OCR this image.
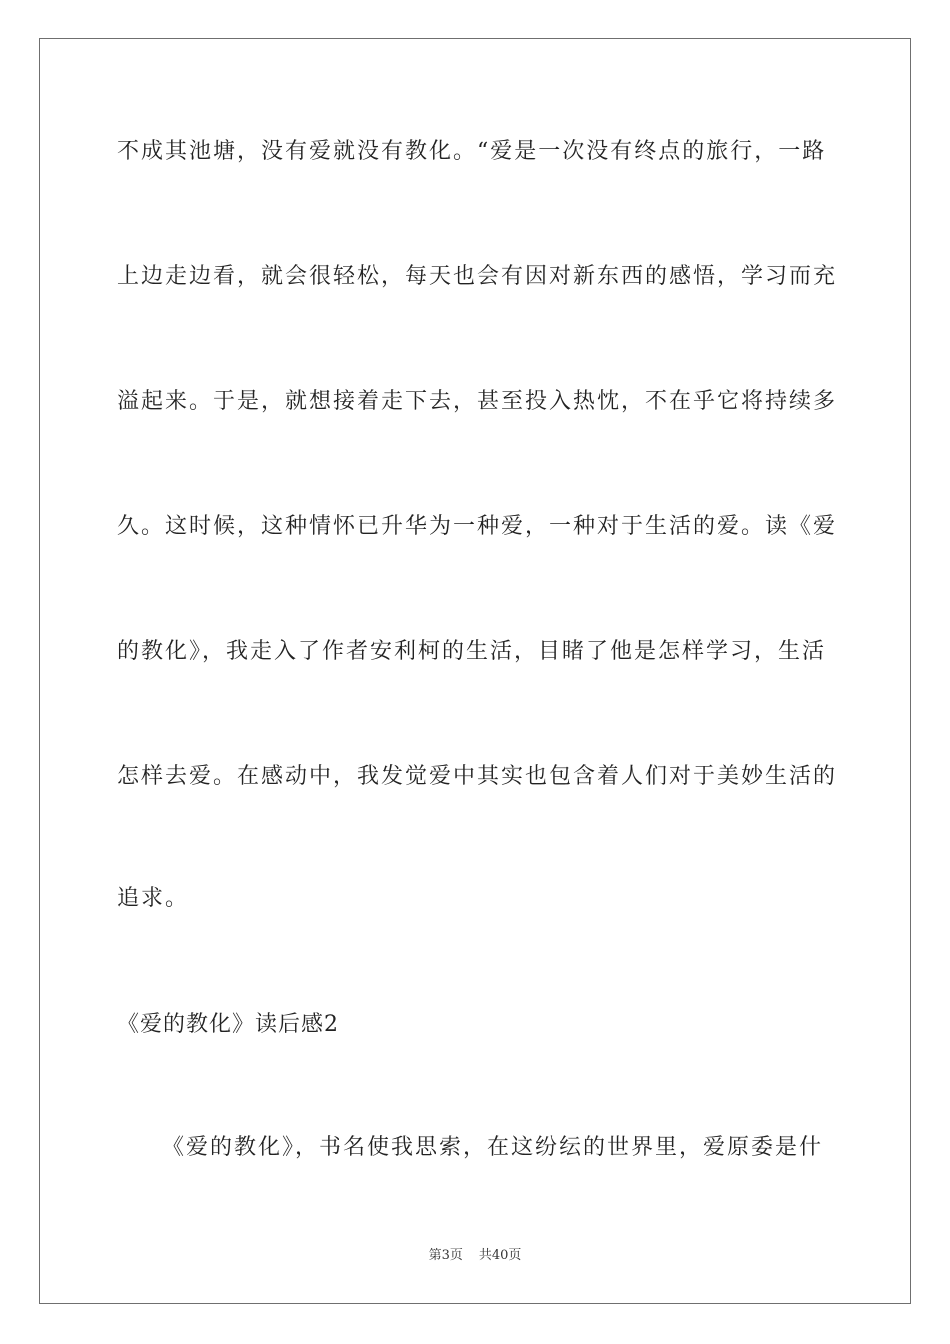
不成其池塘，没有爱就没有教化。“爱是一次没有终点的旅行，一路
上边走边看，就会很轻松，每天也会有因对新东西的感悟，学习而充
溢起来。于是，就想接着走下去，甚至投入热忱，不在乎它将持续多
久。这时候，这种情怀已升华为一种爱，一种对于生活的爱。读《爱
的教化》，我走入了作者安利柯的生活，目睹了他是怎样学习，生活
怎样去爱。在感动中，我发觉爱中其实也包含着人们对于美妙生活的
追求。
《爱的教化》读后感2
《爱的教化》，书名使我思索，在这纷纭的世界里，爱原委是什
第3页 共40页
